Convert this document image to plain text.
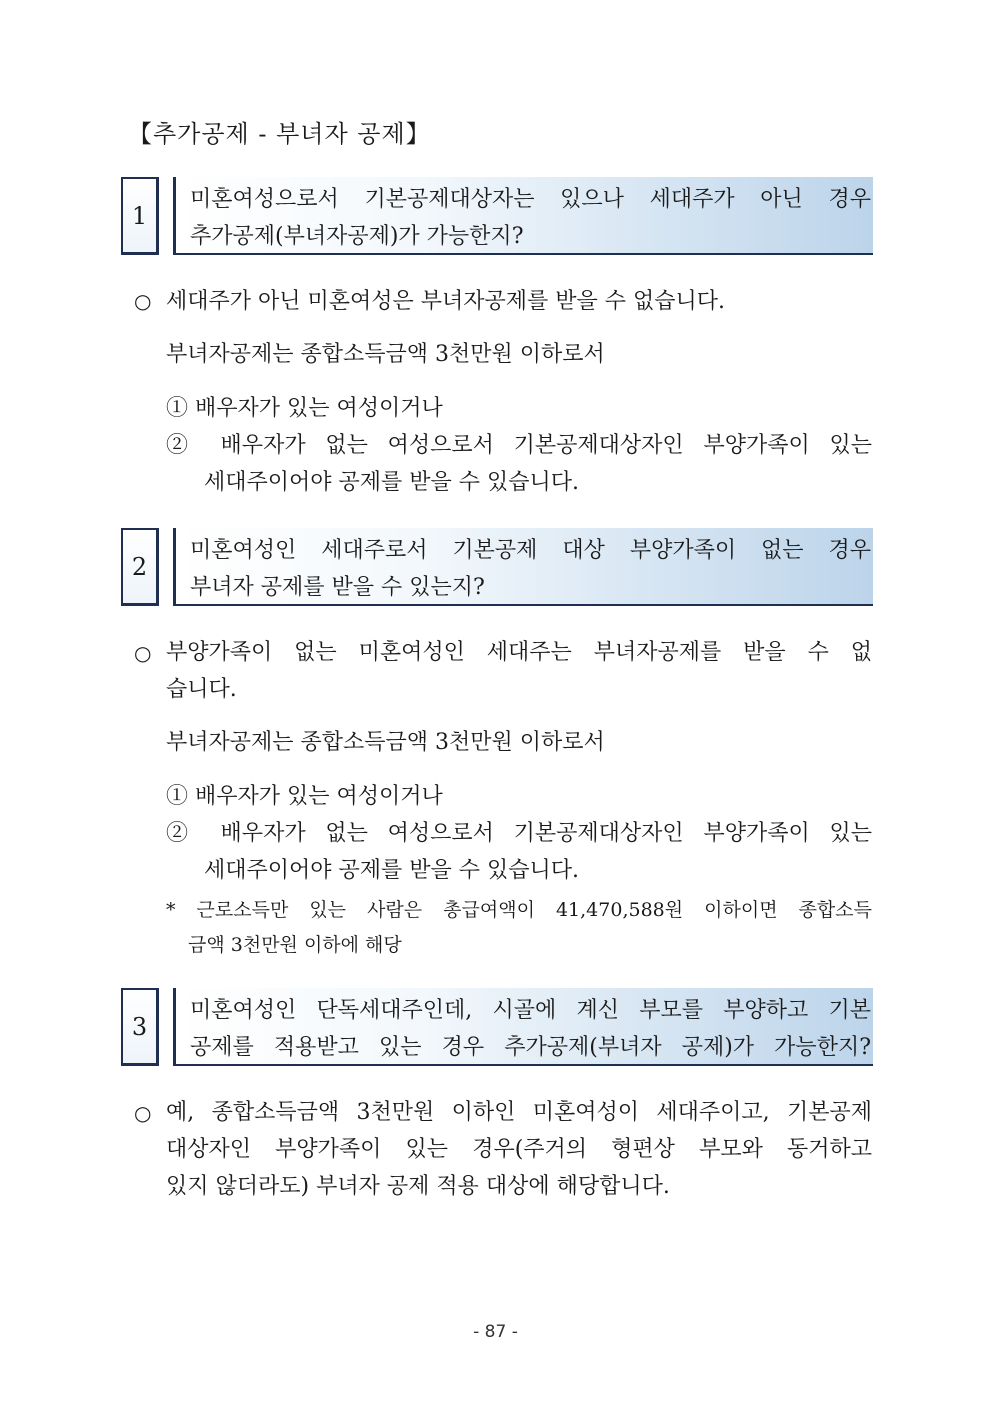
【추가공제 - 부녀자 공제】
1
미혼여성으로서 기본공제대상자는 있으나 세대주가 아닌 경우
추가공제(부녀자공제)가 가능한지?
○ 세대주가 아닌 미혼여성은 부녀자공제를 받을 수 없습니다.
부녀자공제는 종합소득금액 3천만원 이하로서
① 배우자가 있는 여성이거나
② 배우자가 없는 여성으로서 기본공제대상자인 부양가족이 있는
세대주이어야 공제를 받을 수 있습니다.
2
미혼여성인 세대주로서 기본공제 대상 부양가족이 없는 경우
부녀자 공제를 받을 수 있는지?
○ 부양가족이 없는 미혼여성인 세대주는 부녀자공제를 받을 수 없
습니다.
부녀자공제는 종합소득금액 3천만원 이하로서
① 배우자가 있는 여성이거나
② 배우자가 없는 여성으로서 기본공제대상자인 부양가족이 있는
세대주이어야 공제를 받을 수 있습니다.
* 근로소득만 있는 사람은 총급여액이 41,470,588원 이하이면 종합소득
금액 3천만원 이하에 해당
3
미혼여성인 단독세대주인데, 시골에 계신 부모를 부양하고 기본
공제를 적용받고 있는 경우 추가공제(부녀자 공제)가 가능한지?
○ 예, 종합소득금액 3천만원 이하인 미혼여성이 세대주이고, 기본공제
대상자인 부양가족이 있는 경우(주거의 형편상 부모와 동거하고
있지 않더라도) 부녀자 공제 적용 대상에 해당합니다.
- 87 -
